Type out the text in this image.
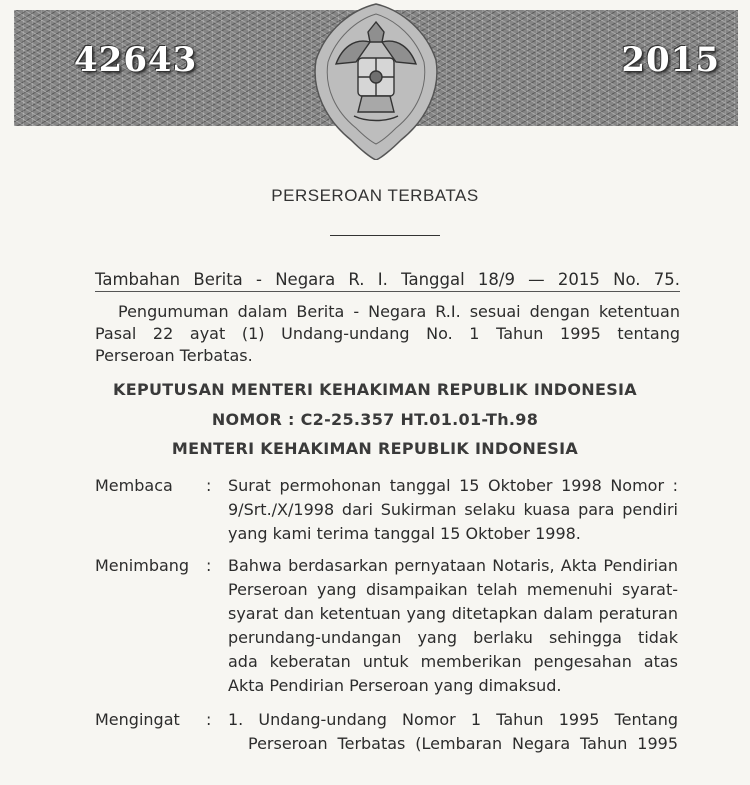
42643	2015
PERSEROAN TERBATAS
Tambahan Berita - Negara R. I. Tanggal 18/9 — 2015 No. 75.
Pengumuman dalam Berita - Negara R.I. sesuai dengan ketentuan
Pasal 22 ayat (1) Undang-undang No. 1 Tahun 1995 tentang
Perseroan Terbatas.
KEPUTUSAN MENTERI KEHAKIMAN REPUBLIK INDONESIA
NOMOR : C2-25.357 HT.01.01-Th.98
MENTERI KEHAKIMAN REPUBLIK INDONESIA
Membaca : Surat permohonan tanggal 15 Oktober 1998 Nomor :
9/Srt./X/1998 dari Sukirman selaku kuasa para pendiri
yang kami terima tanggal 15 Oktober 1998.
Menimbang : Bahwa berdasarkan pernyataan Notaris, Akta Pendirian
Perseroan yang disampaikan telah memenuhi syarat-
syarat dan ketentuan yang ditetapkan dalam peraturan
perundang-undangan yang berlaku sehingga tidak
ada keberatan untuk memberikan pengesahan atas
Akta Pendirian Perseroan yang dimaksud.
Mengingat : 1. Undang-undang Nomor 1 Tahun 1995 Tentang
Perseroan Terbatas (Lembaran Negara Tahun 1995
